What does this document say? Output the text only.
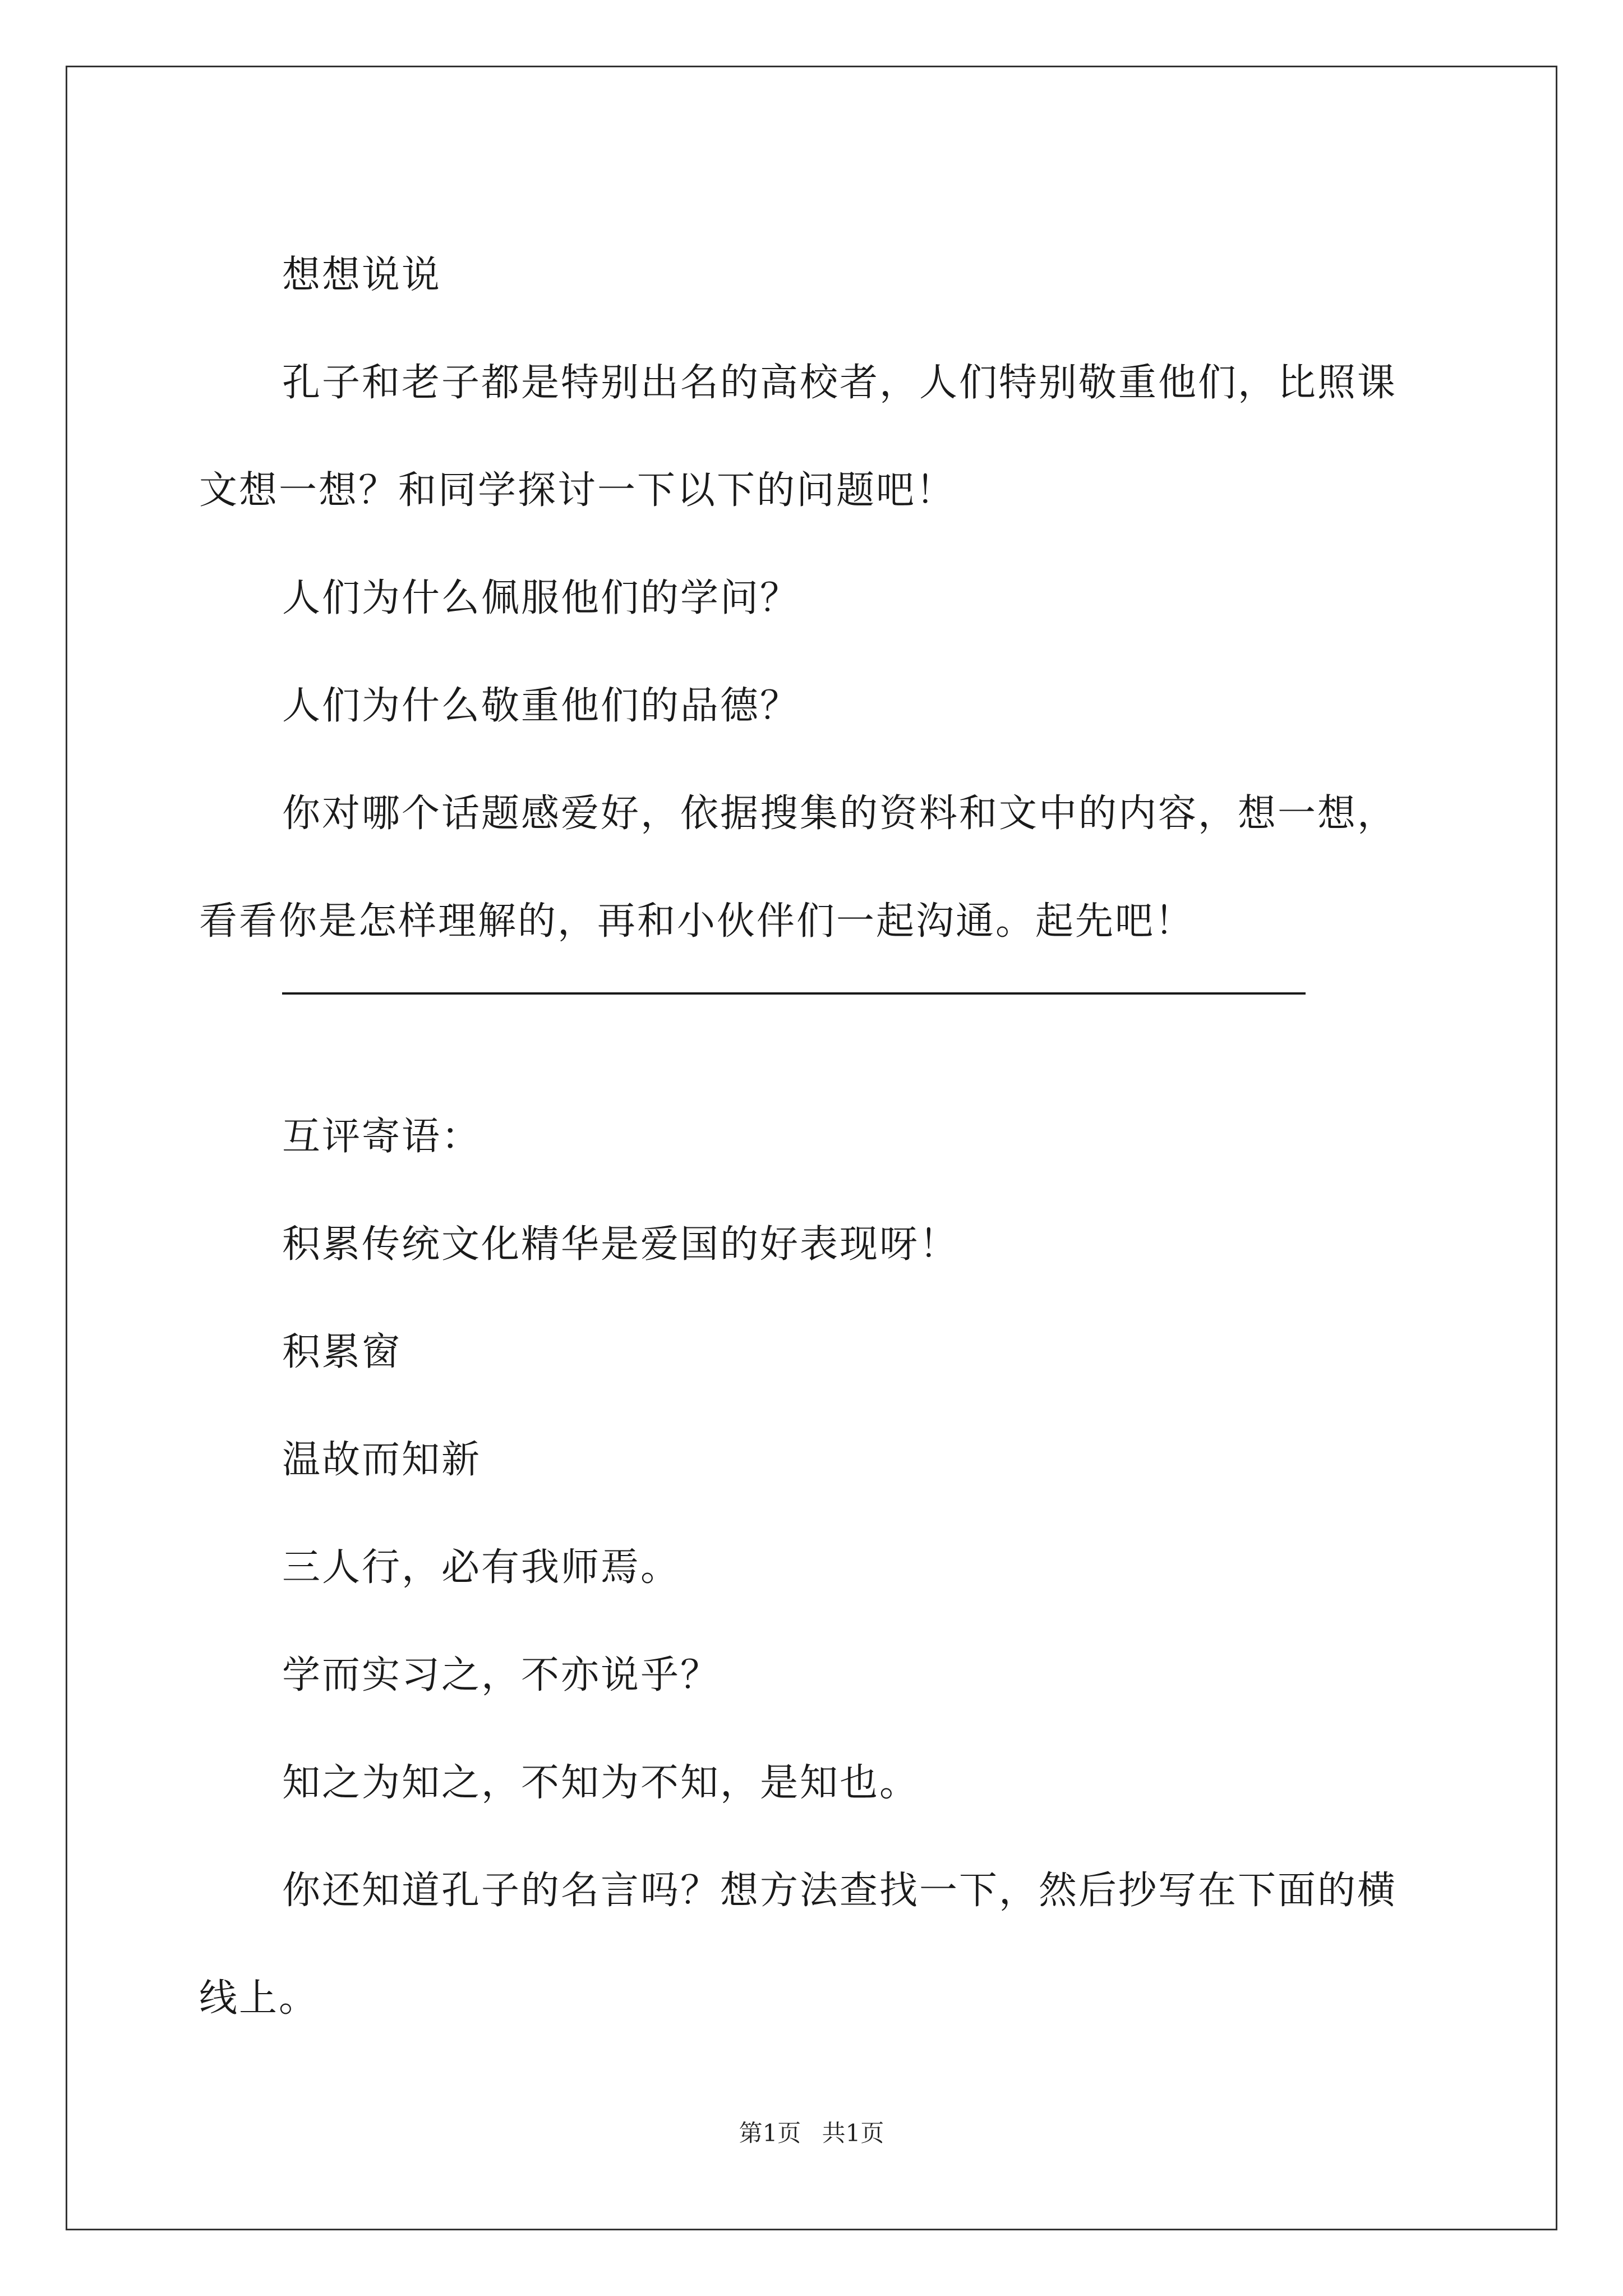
想想说说

孔子和老子都是特别出名的高校者，人们特别敬重他们，比照课文想一想？和同学探讨一下以下的问题吧！

人们为什么佩服他们的学问？

人们为什么敬重他们的品德？

你对哪个话题感爱好，依据搜集的资料和文中的内容，想一想，看看你是怎样理解的，再和小伙伴们一起沟通。起先吧！

互评寄语：

积累传统文化精华是爱国的好表现呀！

积累窗

温故而知新

三人行，必有我师焉。

学而实习之，不亦说乎？

知之为知之，不知为不知，是知也。

你还知道孔子的名言吗？想方法查找一下，然后抄写在下面的横线上。

第1页 共1页
